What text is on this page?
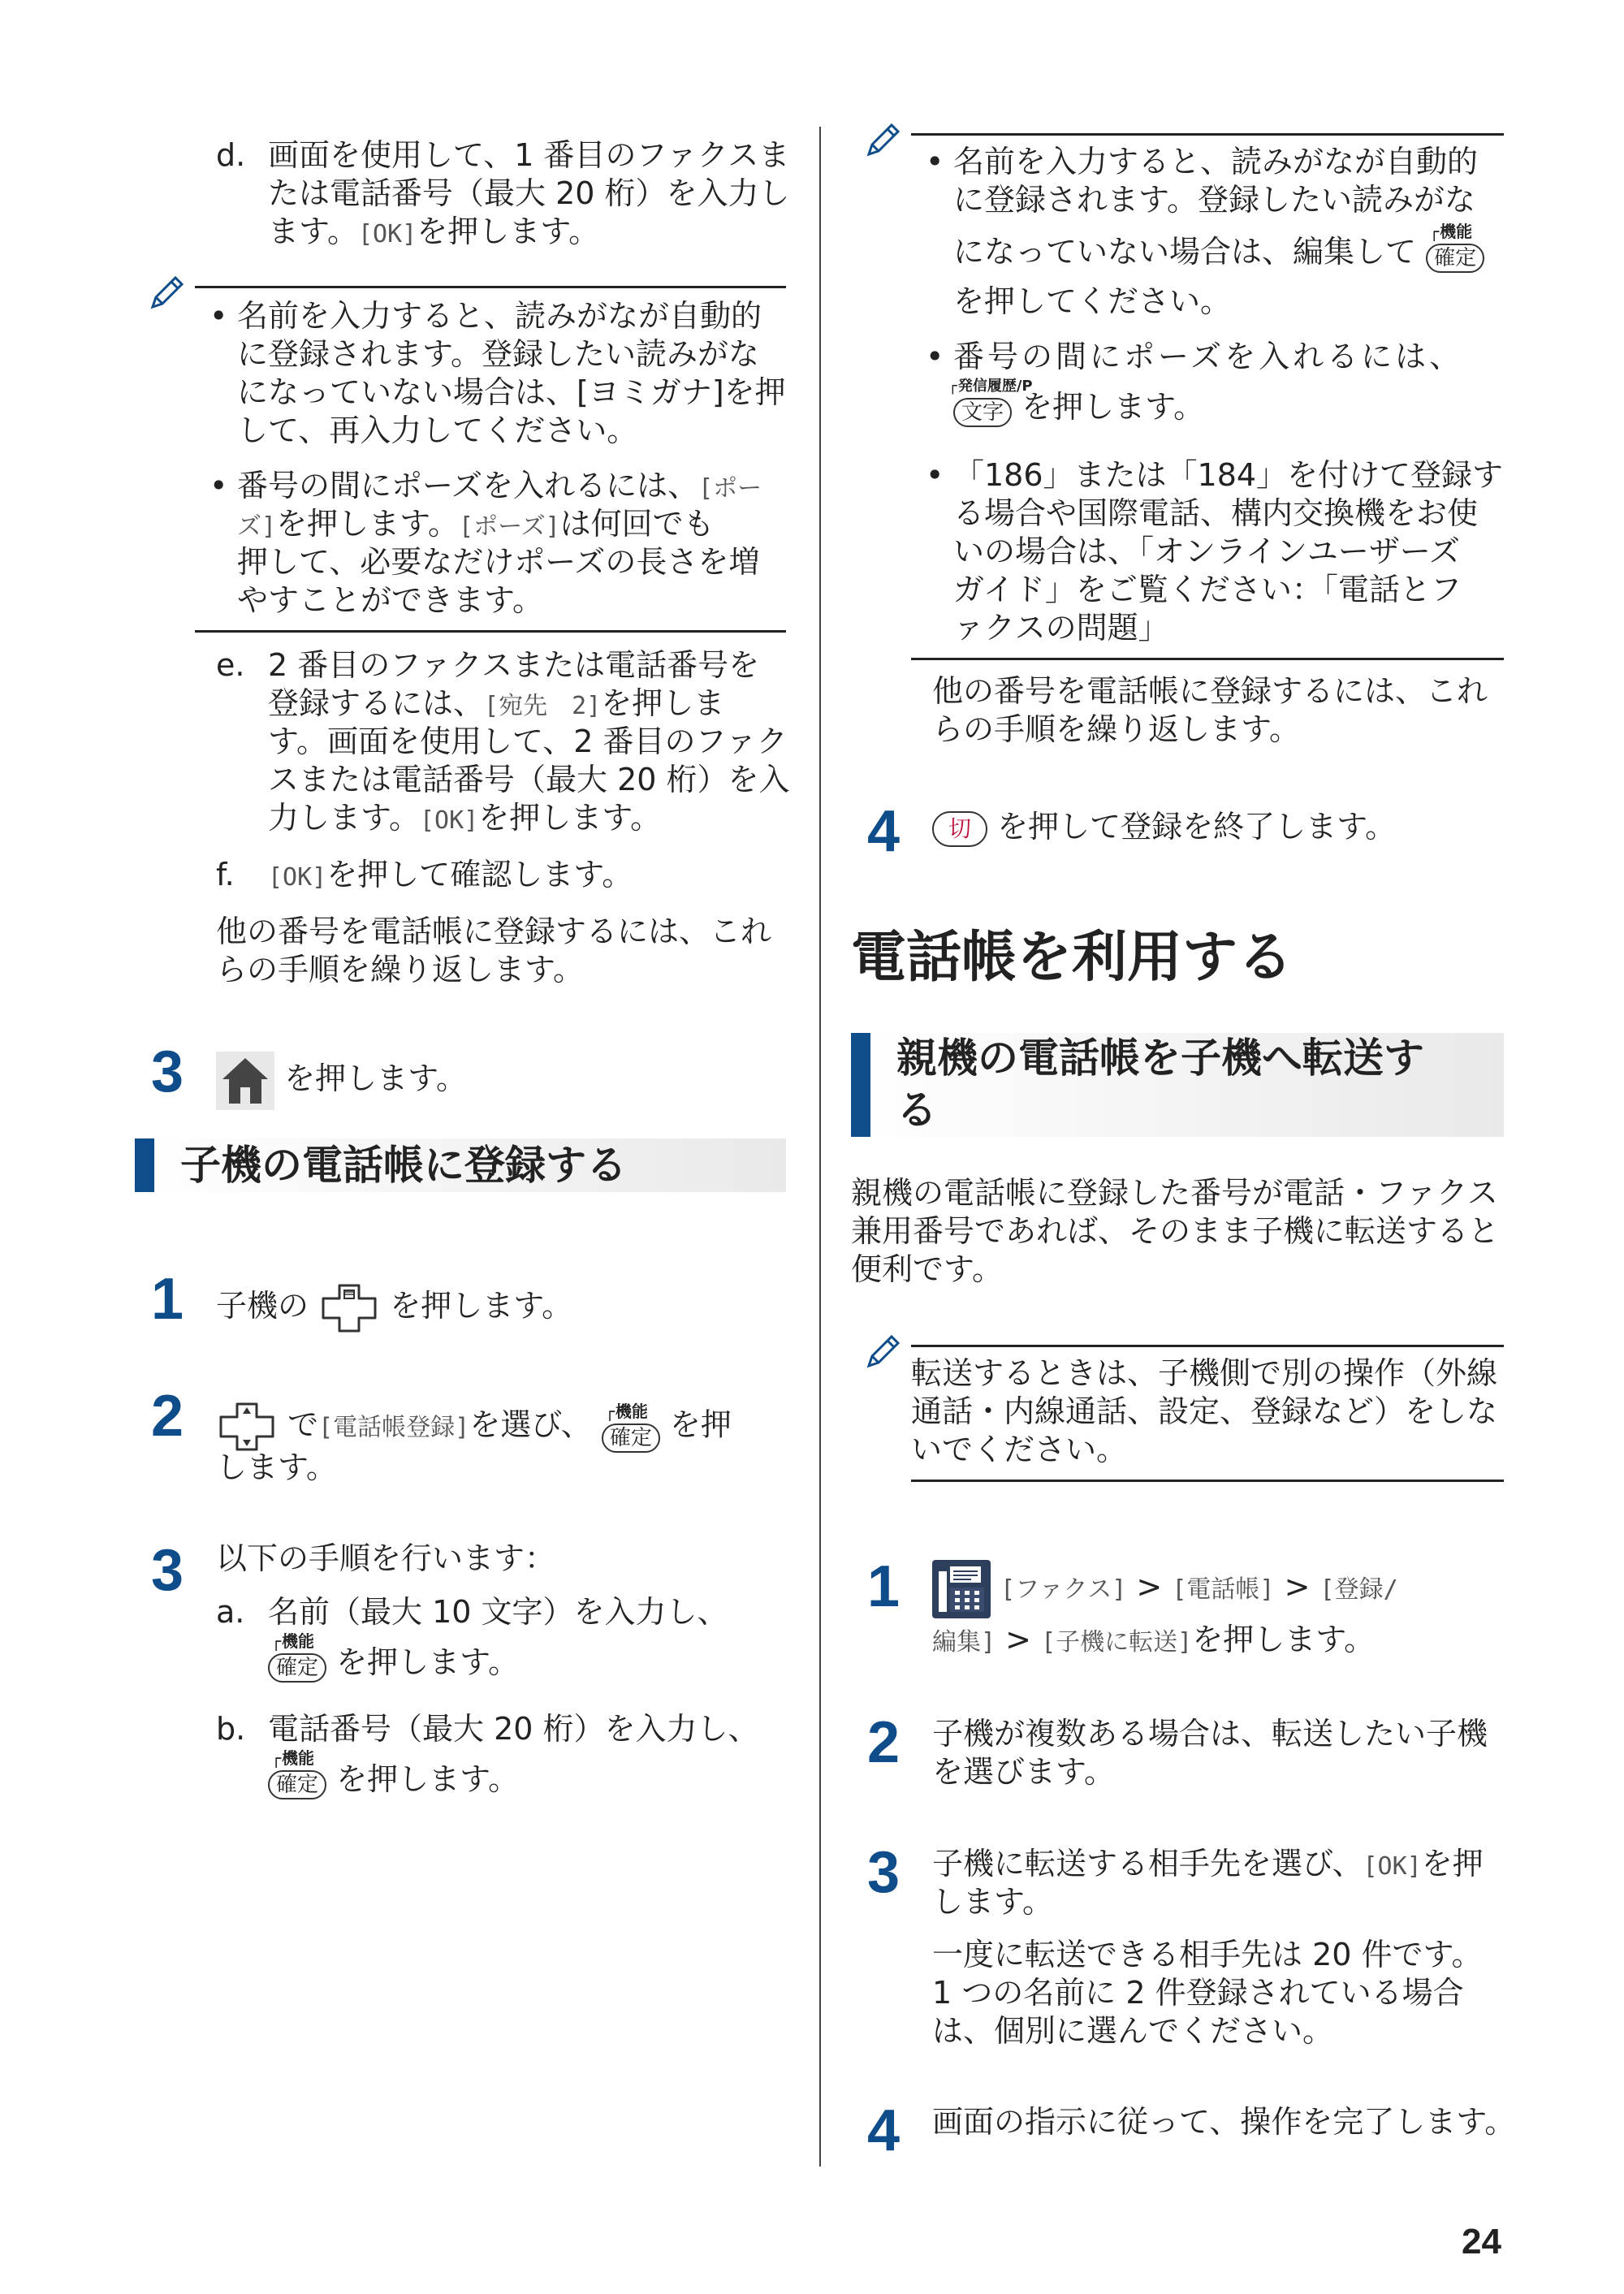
d. 画面を使用して、1 番目のファクスま
たは電話番号（最大 20 桁）を入力し
ます。[OK]を押します。
• 名前を入力すると、読みがなが自動的
に登録されます。登録したい読みがな
になっていない場合は、[ヨミガナ]を押
して、再入力してください。
• 番号の間にポーズを入れるには、[ポー
ズ]を押します。[ポーズ]は何回でも
押して、必要なだけポーズの長さを増
やすことができます。
e. 2 番目のファクスまたは電話番号を
登録するには、[宛先　2]を押しま
す。画面を使用して、2 番目のファク
スまたは電話番号（最大 20 桁）を入
力します。[OK]を押します。
f. [OK]を押して確認します。
他の番号を電話帳に登録するには、これ
らの手順を繰り返します。
3	を押します。
子機の電話帳に登録する
1 子機の	を押します。
2	で[電話帳登録]を選び、
┌	機能
確定 を押
します。
3 以下の手順を行います：
a. 名前（最大 10 文字）を入力し、
┌ 機能
確定 を押します。
b. 電話番号（最大 20 桁）を入力し、
┌ 機能
確定 を押します。
• 名前を入力すると、読みがなが自動的
に登録されます。登録したい読みがな
になっていない場合は、編集して
┌ 機能
確定
を押してください。
• 番号の間にポーズを入れるには、
┌ 発信履歴/P
文字 を押します。
• 「186」または「184」を付けて登録す
る場合や国際電話、構内交換機をお使
いの場合は、「オンラインユーザーズ
ガイド」をご覧ください：「電話とフ
ァクスの問題」
他の番号を電話帳に登録するには、これ
らの手順を繰り返します。
4	切 を押して登録を終了します。
電話帳を利用する
親機の電話帳を子機へ転送す
る
親機の電話帳に登録した番号が電話・ファクス
兼用番号であれば、そのまま子機に転送すると
便利です。
転送するときは、子機側で別の操作（外線
通話・内線通話、設定、登録など）をしな
いでください。
1	[ファクス] > [電話帳] > [登録/
編集] > [子機に転送]を押します。
2 子機が複数ある場合は、転送したい子機
を選びます。
3 子機に転送する相手先を選び、[OK]を押
します。
一度に転送できる相手先は 20 件です。
1 つの名前に 2 件登録されている場合
は、個別に選んでください。
4 画面の指示に従って、操作を完了します。
24
